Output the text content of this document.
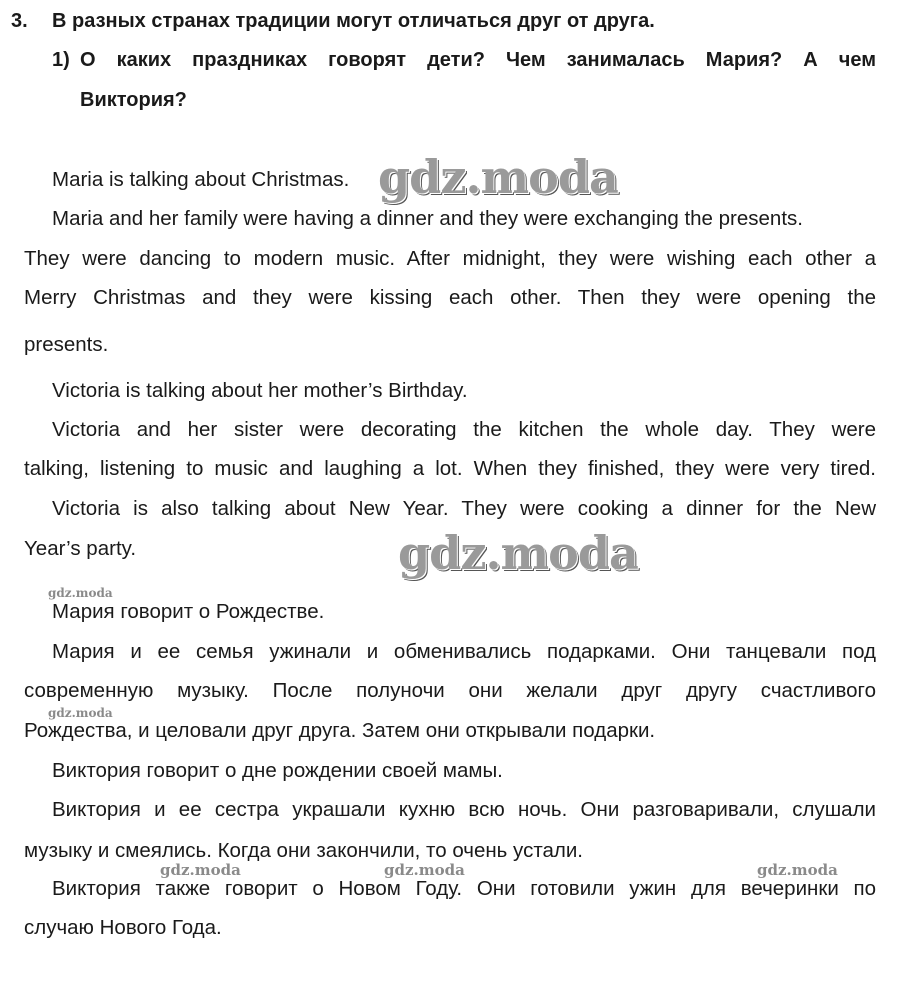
3. В разных странах традиции могут отличаться друг от друга.

1) О каких праздниках говорят дети? Чем занималась Мария? А чем

Виктория?

Maria is talking about Christmas.

Maria and her family were having a dinner and they were exchanging the presents.

They were dancing to modern music. After midnight, they were wishing each other a

Merry Christmas and they were kissing each other. Then they were opening the

presents.

Victoria is talking about her mother’s Birthday.

Victoria and her sister were decorating the kitchen the whole day. They were

talking, listening to music and laughing a lot. When they finished, they were very tired.

Victoria is also talking about New Year. They were cooking a dinner for the New

Year’s party.

Мария говорит о Рождестве.

Мария и ее семья ужинали и обменивались подарками. Они танцевали под

современную музыку. После полуночи они желали друг другу счастливого

Рождества, и целовали друг друга. Затем они открывали подарки.

Виктория говорит о дне рождении своей мамы.

Виктория и ее сестра украшали кухню всю ночь. Они разговаривали, слушали

музыку и смеялись. Когда они закончили, то очень устали.

Виктория также говорит о Новом Году. Они готовили ужин для вечеринки по

случаю Нового Года.

gdz.moda
gdz.moda
gdz.moda
gdz.moda
gdz.moda	gdz.moda	gdz.moda
